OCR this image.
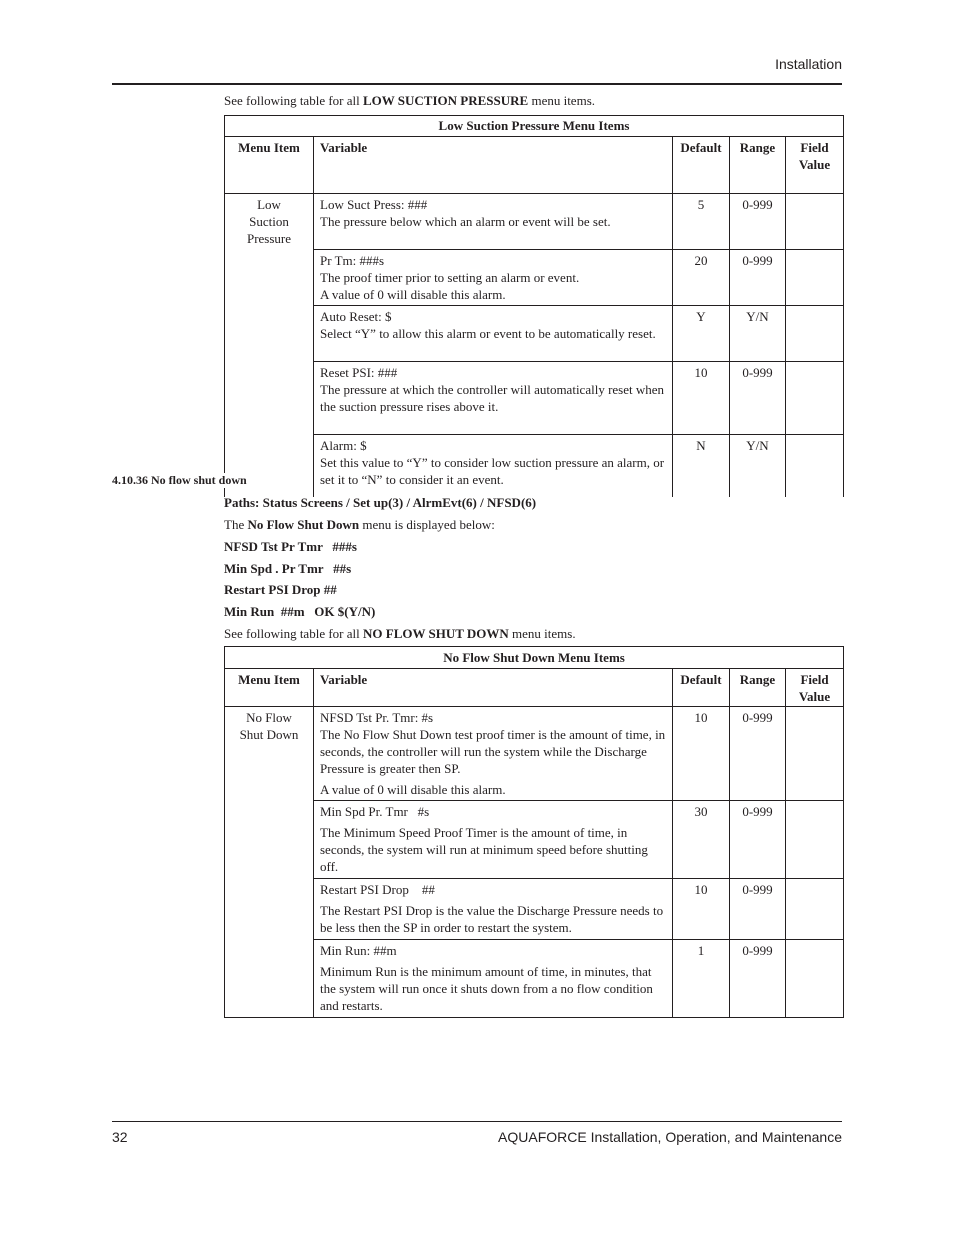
Installation
See following table for all LOW SUCTION PRESSURE menu items.
Low Suction Pressure Menu Items				
Menu Item	Variable	Default	Range	Field Value
Low Suction Pressure	Low Suct Press: ###
The pressure below which an alarm or event will be set.	5	0-999	

	Pr Tm: ###s
The proof timer prior to setting an alarm or event.
A value of 0 will disable this alarm.	20	0-999	

	Auto Reset: $
Select “Y” to allow this alarm or event to be automatically reset.	Y	Y/N	

	Reset PSI: ###
The pressure at which the controller will automatically reset when the suction pressure rises above it.	10	0-999	

	Alarm: $
Set this value to “Y” to consider low suction pressure an alarm, or set it to “N” to consider it an event.	N	Y/N	
4.10.36 No flow shut down
Paths: Status Screens / Set up(3) / AlrmEvt(6) / NFSD(6)
The No Flow Shut Down menu is displayed below:
NFSD Tst Pr Tmr   ###s
Min Spd . Pr Tmr   ##s
Restart PSI Drop ##
Min Run  ##m   OK $(Y/N)
See following table for all NO FLOW SHUT DOWN menu items.
No Flow Shut Down Menu Items				
Menu Item	Variable	Default	Range	Field Value
No Flow Shut Down	NFSD Tst Pr. Tmr: #s
The No Flow Shut Down test proof timer is the amount of time, in seconds, the controller will run the system while the Discharge Pressure is greater then SP.
A value of 0 will disable this alarm.	10	0-999	

	Min Spd Pr. Tmr   #s
The Minimum Speed Proof Timer is the amount of time, in seconds, the system will run at minimum speed before shutting off.	30	0-999	

	Restart PSI Drop    ##
The Restart PSI Drop is the value the Discharge Pressure needs to be less then the SP in order to restart the system.	10	0-999	

	Min Run: ##m
Minimum Run is the minimum amount of time, in minutes, that the system will run once it shuts down from a no flow condition and restarts.	1	0-999	
32	AQUAFORCE Installation, Operation, and Maintenance
